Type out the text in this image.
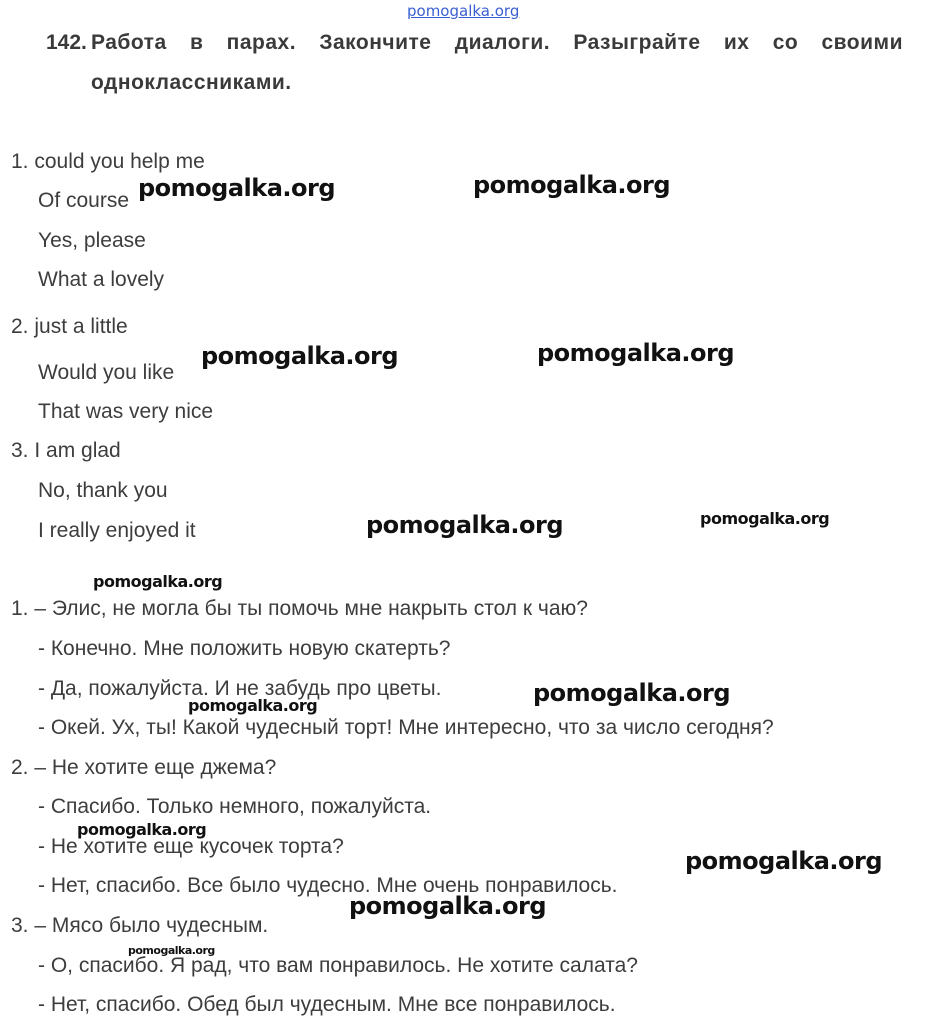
pomogalka.org
142. Работа в парах. Закончите диалоги. Разыграйте их со своими
одноклассниками.
1. could you help me
Of course
Yes, please
What a lovely
2. just a little
Would you like
That was very nice
3. I am glad
No, thank you
I really enjoyed it
1. – Элис, не могла бы ты помочь мне накрыть стол к чаю?
- Конечно. Мне положить новую скатерть?
- Да, пожалуйста. И не забудь про цветы.
- Окей. Ух, ты! Какой чудесный торт! Мне интересно, что за число сегодня?
2. – Не хотите еще джема?
- Спасибо. Только немного, пожалуйста.
- Не хотите еще кусочек торта?
- Нет, спасибо. Все было чудесно. Мне очень понравилось.
3. – Мясо было чудесным.
- О, спасибо. Я рад, что вам понравилось. Не хотите салата?
- Нет, спасибо. Обед был чудесным. Мне все понравилось.
pomogalka.org	pomogalka.org
pomogalka.org	pomogalka.org
pomogalka.org	pomogalka.org
pomogalka.org
pomogalka.org	pomogalka.org
pomogalka.org
pomogalka.org
pomogalka.org
pomogalka.org
